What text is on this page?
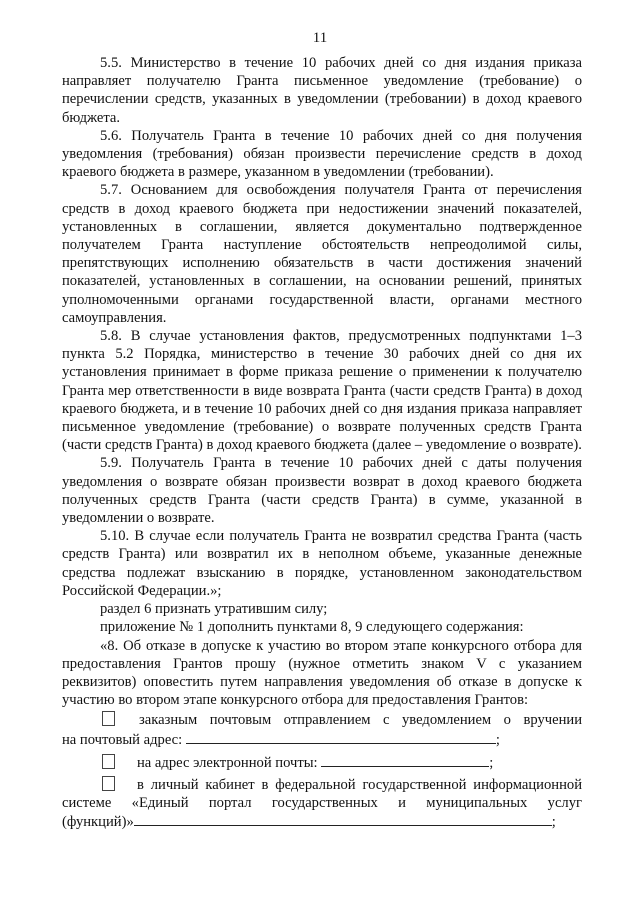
11

5.5. Министерство в течение 10 рабочих дней со дня издания приказа направляет получателю Гранта письменное уведомление (требование) о перечислении средств, указанных в уведомлении (требовании) в доход краевого бюджета.

5.6. Получатель Гранта в течение 10 рабочих дней со дня получения уведомления (требования) обязан произвести перечисление средств в доход краевого бюджета в размере, указанном в уведомлении (требовании).

5.7. Основанием для освобождения получателя Гранта от перечисления средств в доход краевого бюджета при недостижении значений показателей, установленных в соглашении, является документально подтвержденное получателем Гранта наступление обстоятельств непреодолимой силы, препятствующих исполнению обязательств в части достижения значений показателей, установленных в соглашении, на основании решений, принятых уполномоченными органами государственной власти, органами местного самоуправления.

5.8. В случае установления фактов, предусмотренных подпунктами 1–3 пункта 5.2 Порядка, министерство в течение 30 рабочих дней со дня их установления принимает в форме приказа решение о применении к получателю Гранта мер ответственности в виде возврата Гранта (части средств Гранта) в доход краевого бюджета, и в течение 10 рабочих дней со дня издания приказа направляет письменное уведомление (требование) о возврате полученных средств Гранта (части средств Гранта) в доход краевого бюджета (далее – уведомление о возврате).

5.9. Получатель Гранта в течение 10 рабочих дней с даты получения уведомления о возврате обязан произвести возврат в доход краевого бюджета полученных средств Гранта (части средств Гранта) в сумме, указанной в уведомлении о возврате.

5.10. В случае если получатель Гранта не возвратил средства Гранта (часть средств Гранта) или возвратил их в неполном объеме, указанные денежные средства подлежат взысканию в порядке, установленном законодательством Российской Федерации.»;

раздел 6 признать утратившим силу;

приложение № 1 дополнить пунктами 8, 9 следующего содержания:

«8. Об отказе в допуске к участию во втором этапе конкурсного отбора для предоставления Грантов прошу (нужное отметить знаком V с указанием реквизитов) оповестить путем направления уведомления об отказе в допуске к участию во втором этапе конкурсного отбора для предоставления Грантов:

заказным почтовым отправлением с уведомлением о вручении
на почтовый адрес:	;
на адрес электронной почты:	;
в личный кабинет в федеральной государственной информационной
системе «Единый портал государственных и муниципальных услуг
(функций)»	;
